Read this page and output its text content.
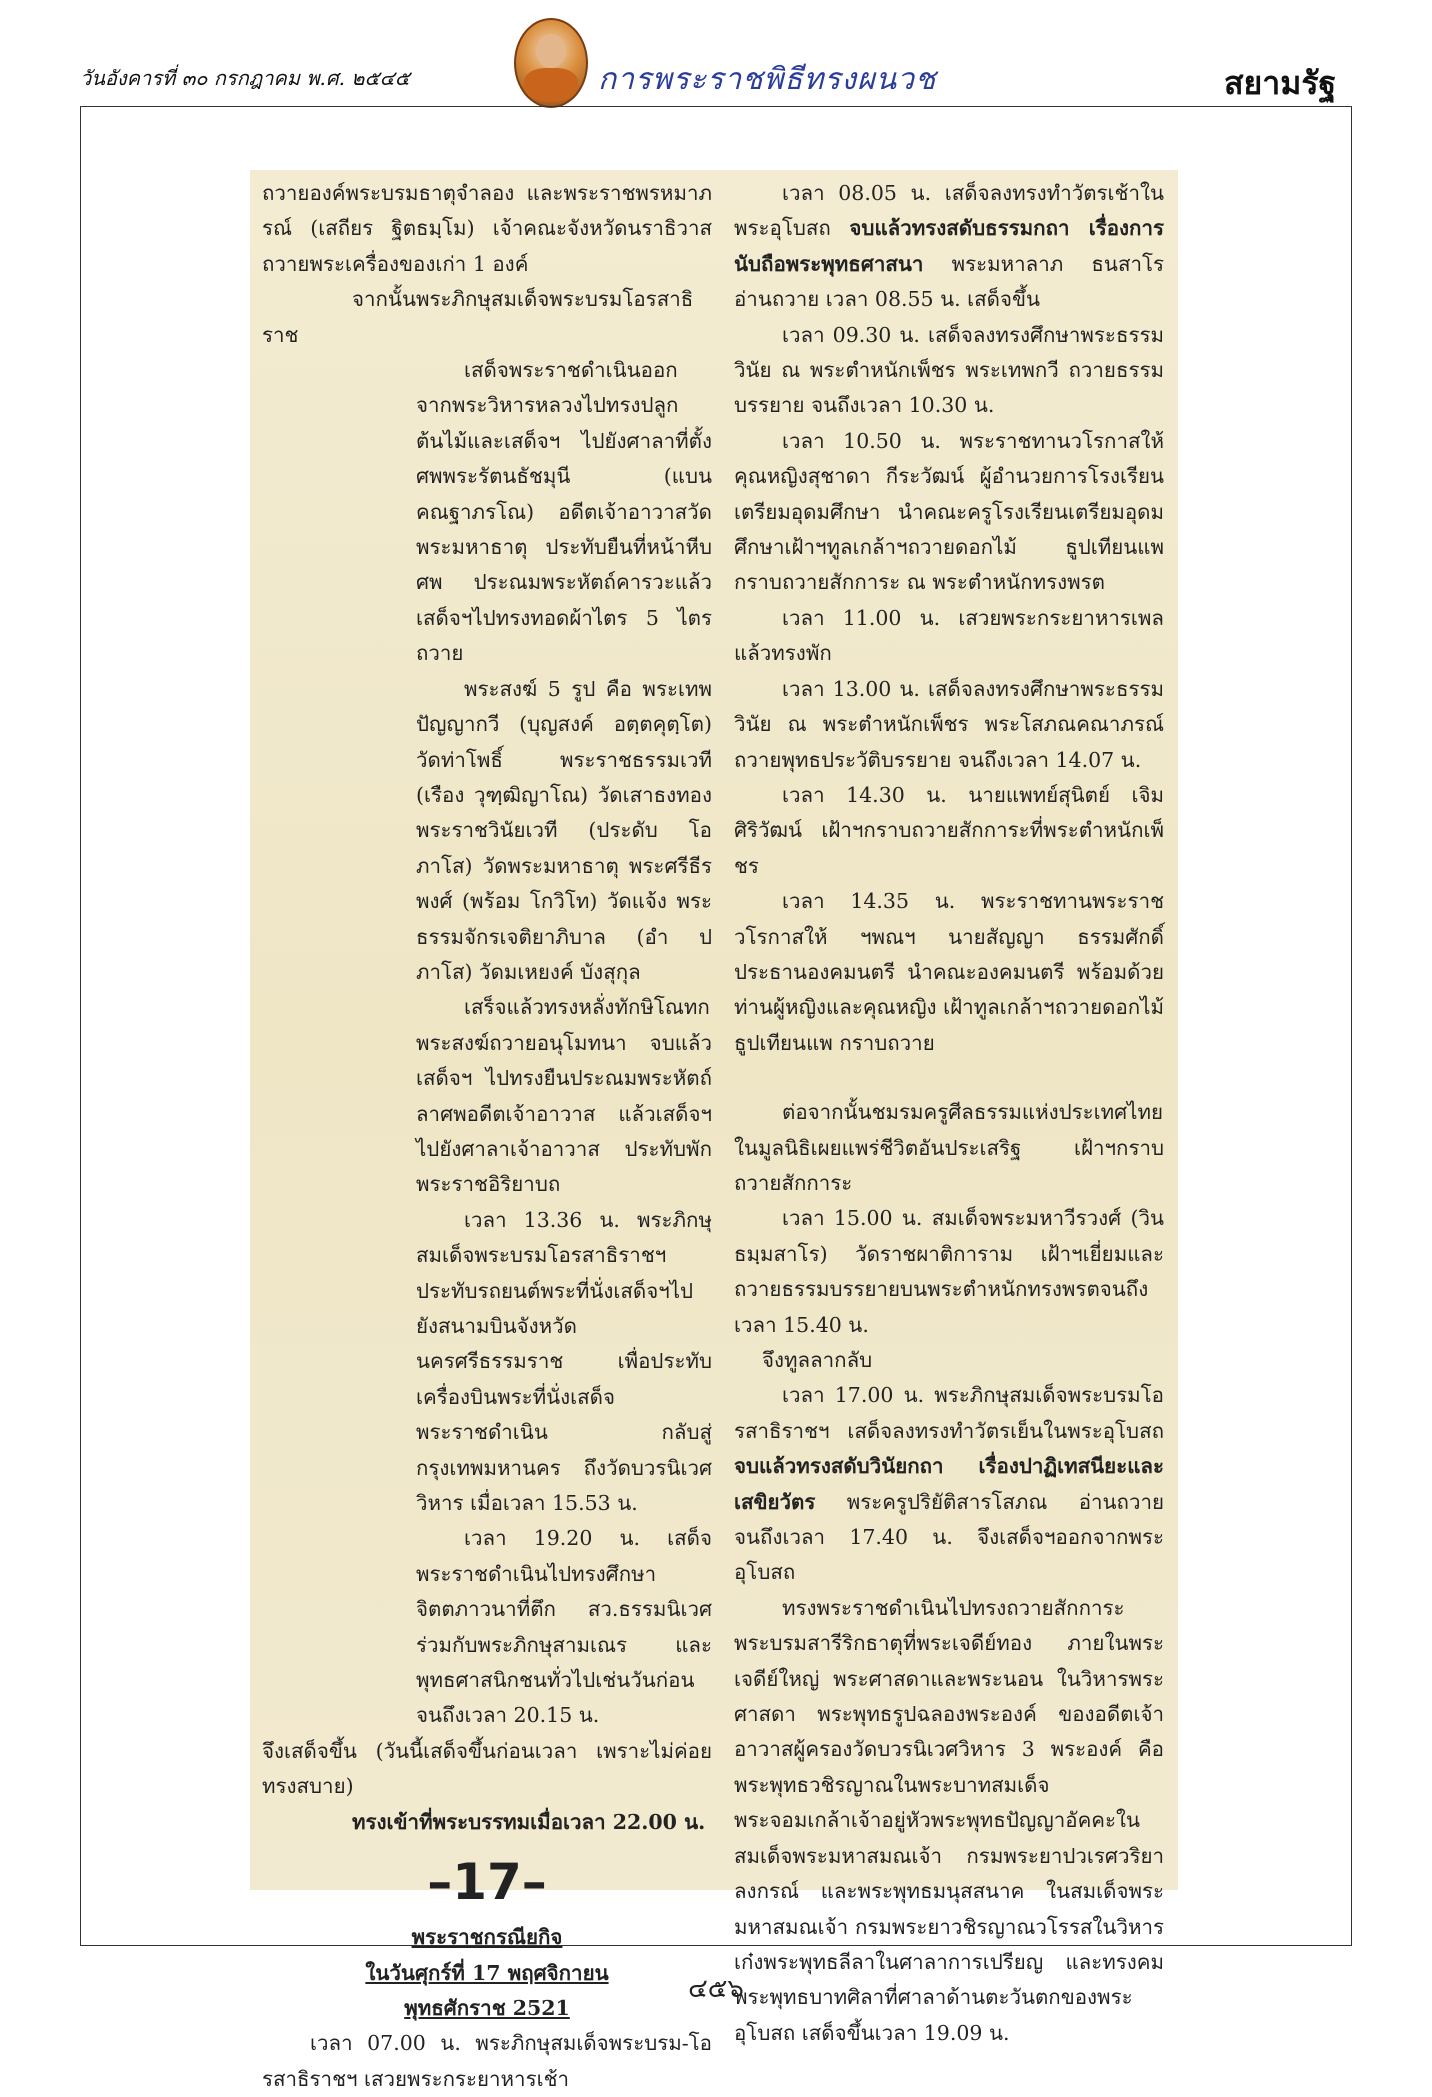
วันอังคารที่ ๓๐ กรกฎาคม พ.ศ. ๒๕๔๕	การพระราชพิธีทรงผนวช	สยามรัฐ

ถวายองค์พระบรมธาตุจำลอง และพระราชพรหมาภรณ์ (เสถียร ฐิตธมฺโม) เจ้าคณะจังหวัดนราธิวาส ถวายพระเครื่องของเก่า 1 องค์

จากนั้นพระภิกษุสมเด็จพระบรมโอรสาธิราช

เสด็จพระราชดำเนินออกจากพระวิหารหลวงไปทรงปลูกต้นไม้และเสด็จฯ ไปยังศาลาที่ตั้งศพพระรัตนธัชมุนี (แบน คณฐาภรโณ) อดีตเจ้าอาวาสวัดพระมหาธาตุ ประทับยืนที่หน้าหีบศพ ประณมพระหัตถ์คารวะแล้ว เสด็จฯไปทรงทอดผ้าไตร 5 ไตรถวาย

พระสงฆ์ 5 รูป คือ พระเทพปัญญากวี (บุญสงค์ อตฺตคุตฺโต) วัดท่าโพธิ์ พระราชธรรมเวที (เรือง วุฑฺฒิญาโณ) วัดเสาธงทอง พระราชวินัยเวที (ประดับ โอภาโส) วัดพระมหาธาตุ พระศรีธีรพงศ์ (พร้อม โกวิโท) วัดแจ้ง พระธรรมจักรเจติยาภิบาล (อำ ปภาโส) วัดมเหยงค์ บังสุกุล

เสร็จแล้วทรงหลั่งทักษิโณทก พระสงฆ์ถวายอนุโมทนา จบแล้วเสด็จฯ ไปทรงยืนประณมพระหัตถ์ลาศพอดีตเจ้าอาวาส แล้วเสด็จฯไปยังศาลาเจ้าอาวาส ประทับพักพระราชอิริยาบถ

เวลา 13.36 น. พระภิกษุสมเด็จพระบรมโอรสาธิราชฯ ประทับรถยนต์พระที่นั่งเสด็จฯไปยังสนามบินจังหวัดนครศรีธรรมราช เพื่อประทับเครื่องบินพระที่นั่งเสด็จพระราชดำเนิน กลับสู่กรุงเทพมหานคร ถึงวัดบวรนิเวศวิหาร เมื่อเวลา 15.53 น.

เวลา 19.20 น. เสด็จพระราชดำเนินไปทรงศึกษาจิตตภาวนาที่ตึก สว.ธรรมนิเวศ ร่วมกับพระภิกษุสามเณร และพุทธศาสนิกชนทั่วไปเช่นวันก่อน จนถึงเวลา 20.15 น.

จึงเสด็จขึ้น (วันนี้เสด็จขึ้นก่อนเวลา เพราะไม่ค่อยทรงสบาย)

ทรงเข้าที่พระบรรทมเมื่อเวลา 22.00 น.

–17–

พระราชกรณียกิจ

ในวันศุกร์ที่ 17 พฤศจิกายน

พุทธศักราช 2521

เวลา 07.00 น. พระภิกษุสมเด็จพระบรม-โอรสาธิราชฯ เสวยพระกระยาหารเช้า

เวลา 08.05 น. เสด็จลงทรงทำวัตรเช้าในพระอุโบสถ จบแล้วทรงสดับธรรมกถา เรื่องการนับถือพระพุทธศาสนา พระมหาลาภ ธนสาโร อ่านถวาย เวลา 08.55 น. เสด็จขึ้น

เวลา 09.30 น. เสด็จลงทรงศึกษาพระธรรมวินัย ณ พระตำหนักเพ็ชร พระเทพกวี ถวายธรรมบรรยาย จนถึงเวลา 10.30 น.

เวลา 10.50 น. พระราชทานวโรกาสให้ คุณหญิงสุชาดา กีระวัฒน์ ผู้อำนวยการโรงเรียนเตรียมอุดมศึกษา นำคณะครูโรงเรียนเตรียมอุดมศึกษาเฝ้าฯทูลเกล้าฯถวายดอกไม้ ธูปเทียนแพ กราบถวายสักการะ ณ พระตำหนักทรงพรต

เวลา 11.00 น. เสวยพระกระยาหารเพลแล้วทรงพัก

เวลา 13.00 น. เสด็จลงทรงศึกษาพระธรรมวินัย ณ พระตำหนักเพ็ชร พระโสภณคณาภรณ์ ถวายพุทธประวัติบรรยาย จนถึงเวลา 14.07 น.

เวลา 14.30 น. นายแพทย์สุนิตย์ เจิมศิริวัฒน์ เฝ้าฯกราบถวายสักการะที่พระตำหนักเพ็ชร

เวลา 14.35 น. พระราชทานพระราชวโรกาสให้ ฯพณฯ นายสัญญา ธรรมศักดิ์ ประธานองคมนตรี นำคณะองคมนตรี พร้อมด้วยท่านผู้หญิงและคุณหญิง เฝ้าทูลเกล้าฯถวายดอกไม้ธูปเทียนแพ กราบถวาย

ต่อจากนั้นชมรมครูศีลธรรมแห่งประเทศไทยในมูลนิธิเผยแพร่ชีวิตอันประเสริฐ เฝ้าฯกราบถวายสักการะ

เวลา 15.00 น. สมเด็จพระมหาวีรวงศ์ (วิน ธมฺมสาโร) วัดราชผาติการาม เฝ้าฯเยี่ยมและถวายธรรมบรรยายบนพระตำหนักทรงพรตจนถึงเวลา 15.40 น.

จึงทูลลากลับ

เวลา 17.00 น. พระภิกษุสมเด็จพระบรมโอรสาธิราชฯ เสด็จลงทรงทำวัตรเย็นในพระอุโบสถ จบแล้วทรงสดับวินัยกถา เรื่องปาฏิเทสนียะและเสขิยวัตร พระครูปริยัติสารโสภณ อ่านถวาย จนถึงเวลา 17.40 น. จึงเสด็จฯออกจากพระอุโบสถ

ทรงพระราชดำเนินไปทรงถวายสักการะพระบรมสารีริกธาตุที่พระเจดีย์ทอง ภายในพระเจดีย์ใหญ่ พระศาสดาและพระนอน ในวิหารพระศาสดา พระพุทธรูปฉลองพระองค์ ของอดีตเจ้าอาวาสผู้ครองวัดบวรนิเวศวิหาร 3 พระองค์ คือ พระพุทธวชิรญาณในพระบาทสมเด็จพระจอมเกล้าเจ้าอยู่หัวพระพุทธปัญญาอัคคะในสมเด็จพระมหาสมณเจ้า กรมพระยาปวเรศวริยาลงกรณ์ และพระพุทธมนุสสนาค ในสมเด็จพระมหาสมณเจ้า กรมพระยาวชิรญาณวโรรสในวิหารเก๋งพระพุทธลีลาในศาลาการเปรียญ และทรงคมพระพุทธบาทศิลาที่ศาลาด้านตะวันตกของพระอุโบสถ เสด็จขึ้นเวลา 19.09 น.

๔๕๖
